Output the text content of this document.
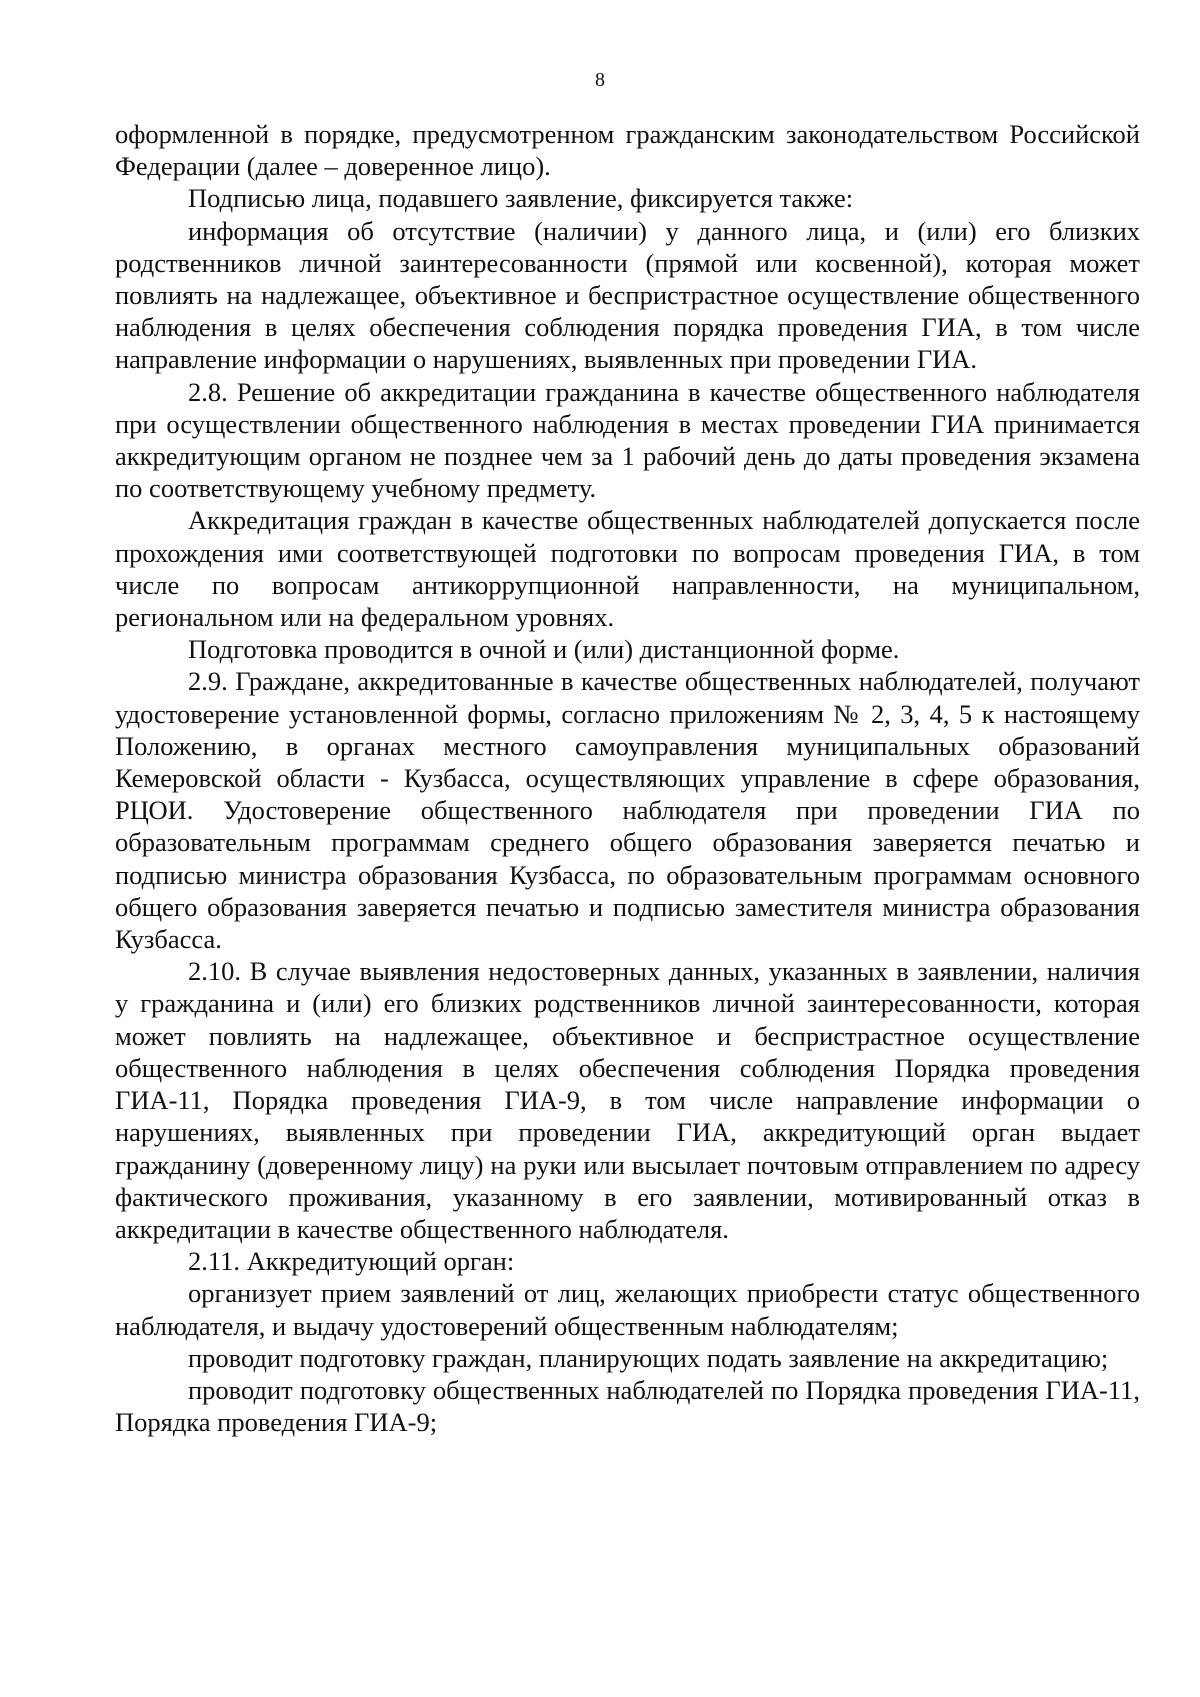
8

оформленной в порядке, предусмотренном гражданским законодательством Российской Федерации (далее – доверенное лицо).

Подписью лица, подавшего заявление, фиксируется также:

информация об отсутствие (наличии) у данного лица, и (или) его близких родственников личной заинтересованности (прямой или косвенной), которая может повлиять на надлежащее, объективное и беспристрастное осуществление общественного наблюдения в целях обеспечения соблюдения порядка проведения ГИА, в том числе направление информации о нарушениях, выявленных при проведении ГИА.

2.8. Решение об аккредитации гражданина в качестве общественного наблюдателя при осуществлении общественного наблюдения в местах проведении ГИА принимается аккредитующим органом не позднее чем за 1 рабочий день до даты проведения экзамена по соответствующему учебному предмету.

Аккредитация граждан в качестве общественных наблюдателей допускается после прохождения ими соответствующей подготовки по вопросам проведения ГИА, в том числе по вопросам антикоррупционной направленности, на муниципальном, региональном или на федеральном уровнях.

Подготовка проводится в очной и (или) дистанционной форме.

2.9. Граждане, аккредитованные в качестве общественных наблюдателей, получают удостоверение установленной формы, согласно приложениям № 2, 3, 4, 5 к настоящему Положению, в органах местного самоуправления муниципальных образований Кемеровской области - Кузбасса, осуществляющих управление в сфере образования, РЦОИ. Удостоверение общественного наблюдателя при проведении ГИА по образовательным программам среднего общего образования заверяется печатью и подписью министра образования Кузбасса, по образовательным программам основного общего образования заверяется печатью и подписью заместителя министра образования Кузбасса.

2.10. В случае выявления недостоверных данных, указанных в заявлении, наличия у гражданина и (или) его близких родственников личной заинтересованности, которая может повлиять на надлежащее, объективное и беспристрастное осуществление общественного наблюдения в целях обеспечения соблюдения Порядка проведения ГИА-11, Порядка проведения ГИА-9, в том числе направление информации о нарушениях, выявленных при проведении ГИА, аккредитующий орган выдает гражданину (доверенному лицу) на руки или высылает почтовым отправлением по адресу фактического проживания, указанному в его заявлении, мотивированный отказ в аккредитации в качестве общественного наблюдателя.

2.11. Аккредитующий орган:

организует прием заявлений от лиц, желающих приобрести статус общественного наблюдателя, и выдачу удостоверений общественным наблюдателям;

проводит подготовку граждан, планирующих подать заявление на аккредитацию;

проводит подготовку общественных наблюдателей по Порядка проведения ГИА-11, Порядка проведения ГИА-9;
